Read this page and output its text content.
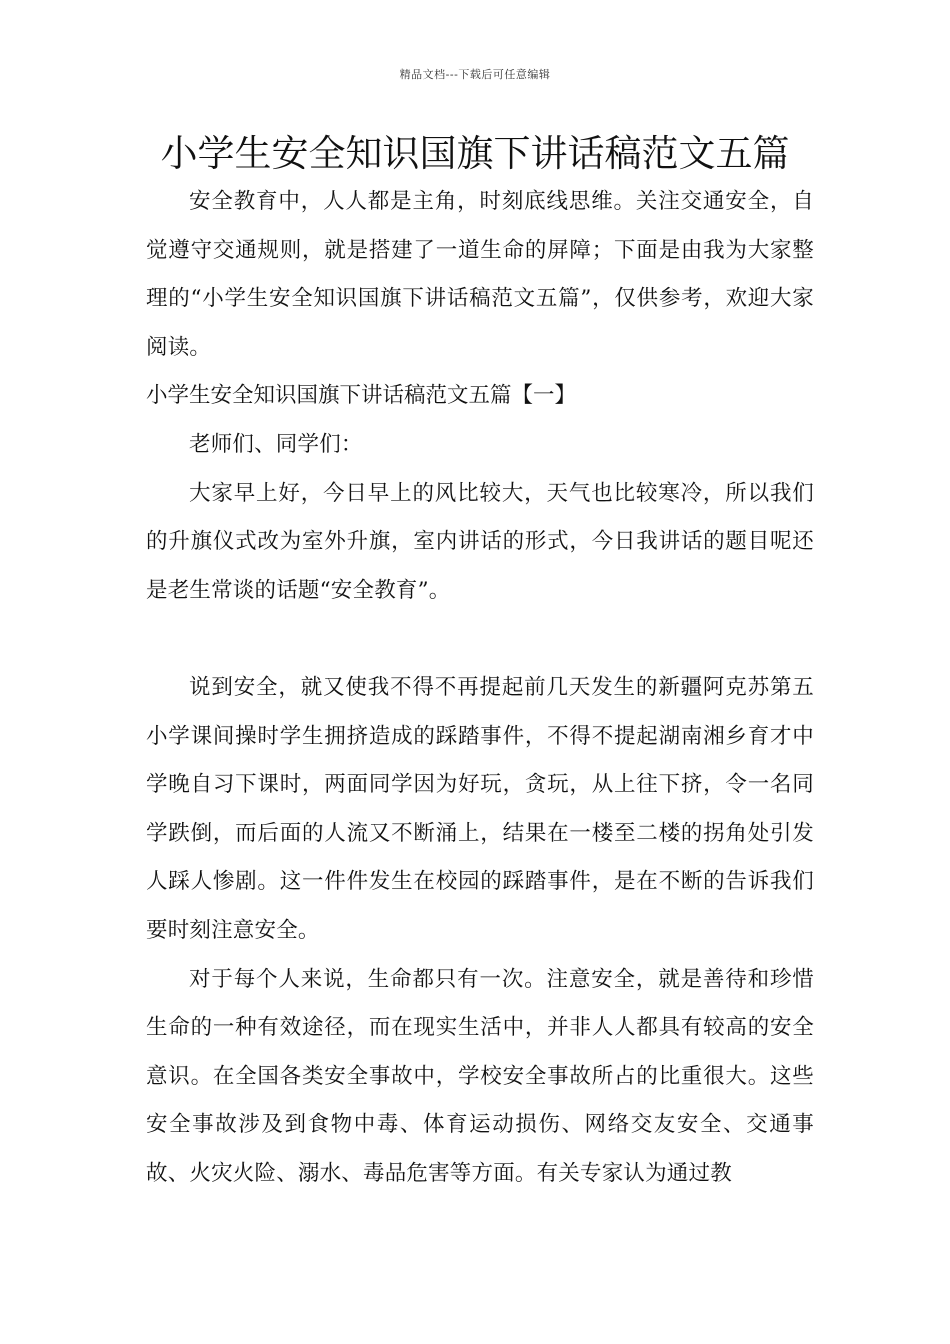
精品文档---下载后可任意编辑
小学生安全知识国旗下讲话稿范文五篇

安全教育中，人人都是主角，时刻底线思维。关注交通安全，自觉遵守交通规则，就是搭建了一道生命的屏障；下面是由我为大家整理的“小学生安全知识国旗下讲话稿范文五篇”，仅供参考，欢迎大家阅读。

小学生安全知识国旗下讲话稿范文五篇【一】

老师们、同学们：

大家早上好，今日早上的风比较大，天气也比较寒冷，所以我们的升旗仪式改为室外升旗，室内讲话的形式，今日我讲话的题目呢还是老生常谈的话题“安全教育”。

说到安全，就又使我不得不再提起前几天发生的新疆阿克苏第五小学课间操时学生拥挤造成的踩踏事件，不得不提起湖南湘乡育才中学晚自习下课时，两面同学因为好玩，贪玩，从上往下挤，令一名同学跌倒，而后面的人流又不断涌上，结果在一楼至二楼的拐角处引发人踩人惨剧。这一件件发生在校园的踩踏事件，是在不断的告诉我们要时刻注意安全。

对于每个人来说，生命都只有一次。注意安全，就是善待和珍惜生命的一种有效途径，而在现实生活中，并非人人都具有较高的安全意识。在全国各类安全事故中，学校安全事故所占的比重很大。这些安全事故涉及到食物中毒、体育运动损伤、网络交友安全、交通事故、火灾火险、溺水、毒品危害等方面。有关专家认为通过教
